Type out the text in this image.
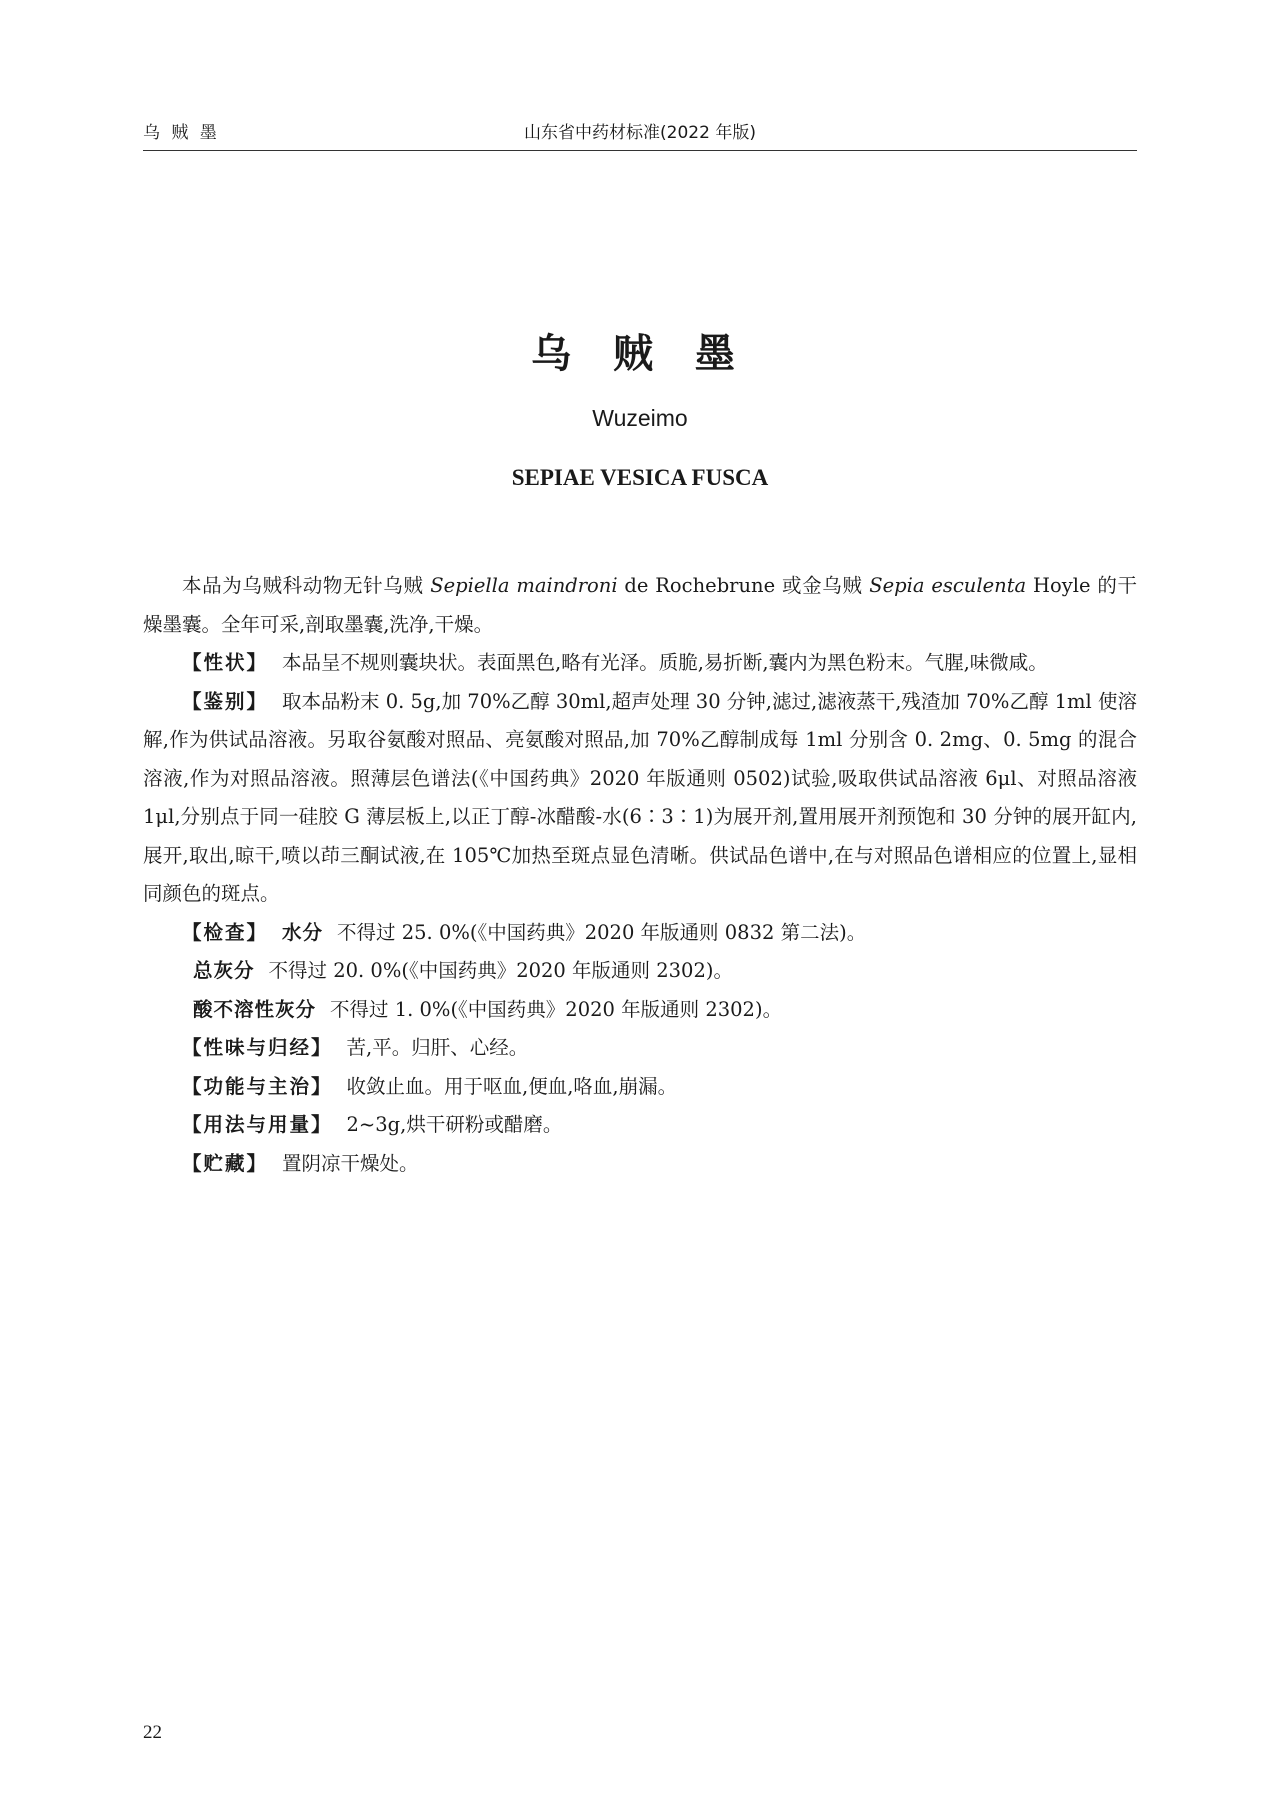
乌 贼 墨	山东省中药材标准(2022 年版)
乌 贼 墨
Wuzeimo
SEPIAE VESICA FUSCA

本品为乌贼科动物无针乌贼 Sepiella maindroni de Rochebrune 或金乌贼 Sepia esculenta Hoyle 的干燥墨囊。全年可采,剖取墨囊,洗净,干燥。

【性状】 本品呈不规则囊块状。表面黑色,略有光泽。质脆,易折断,囊内为黑色粉末。气腥,味微咸。

【鉴别】 取本品粉末 0. 5g,加 70%乙醇 30ml,超声处理 30 分钟,滤过,滤液蒸干,残渣加 70%乙醇 1ml 使溶解,作为供试品溶液。另取谷氨酸对照品、亮氨酸对照品,加 70%乙醇制成每 1ml 分别含 0. 2mg、0. 5mg 的混合溶液,作为对照品溶液。照薄层色谱法(《中国药典》2020 年版通则 0502)试验,吸取供试品溶液 6μl、对照品溶液 1μl,分别点于同一硅胶 G 薄层板上,以正丁醇-冰醋酸-水(6∶3∶1)为展开剂,置用展开剂预饱和 30 分钟的展开缸内,展开,取出,晾干,喷以茚三酮试液,在 105℃加热至斑点显色清晰。供试品色谱中,在与对照品色谱相应的位置上,显相同颜色的斑点。

【检查】 水分 不得过 25. 0%(《中国药典》2020 年版通则 0832 第二法)。

总灰分 不得过 20. 0%(《中国药典》2020 年版通则 2302)。

酸不溶性灰分 不得过 1. 0%(《中国药典》2020 年版通则 2302)。

【性味与归经】 苦,平。归肝、心经。

【功能与主治】 收敛止血。用于呕血,便血,咯血,崩漏。

【用法与用量】 2~3g,烘干研粉或醋磨。

【贮藏】 置阴凉干燥处。

22
